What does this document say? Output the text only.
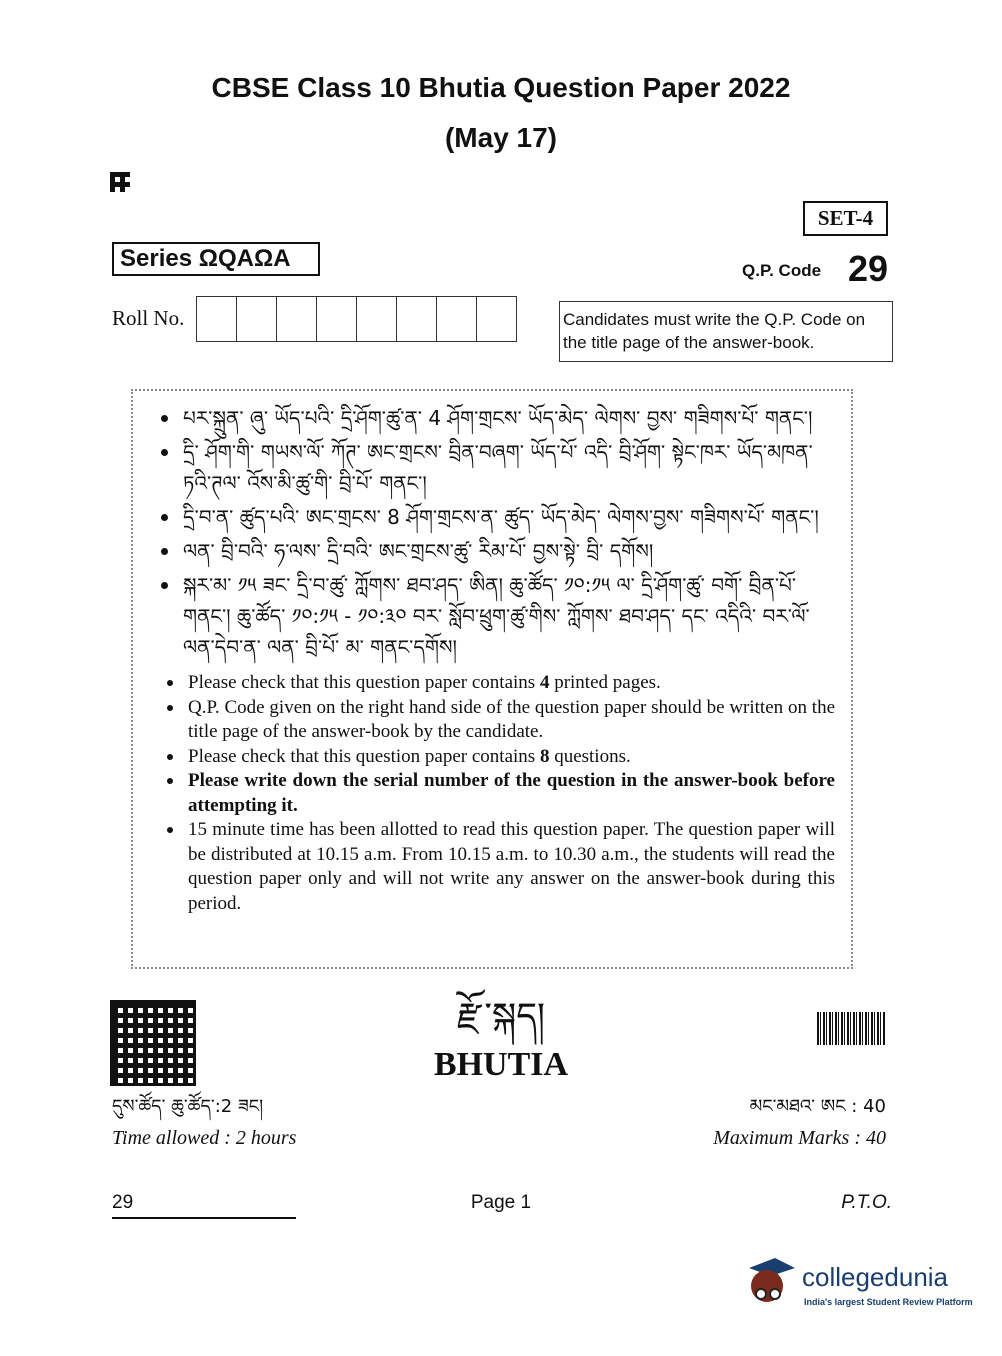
CBSE Class 10 Bhutia Question Paper 2022
(May 17)
SET-4
Series ΩQAΩA	Q.P. Code 29
Roll No.	Candidates must write the Q.P. Code on the title page of the answer-book.
པར་སྐྲུན་ ཞུ་ ཡོད་པའི་ དྲི་ཤོག་ཚུ་ན་ 4 ཤོག་གྲངས་ ཡོད་མེད་ ལེགས་ བྱས་ གཟིགས་པོ་ གནང་།
དྲི་ ཤོག་གི་ གཡས་ལོ་ ཀོཊ་ ཨང་གྲངས་ བྲིན་བཞག་ ཡོད་པོ་ འདི་ བྲི་ཤོག་ སྟེང་ཁར་ ཡོད་མཁན་ ཏའི་ཊལ་ འོས་མི་ཚུ་གི་ བྲི་པོ་ གནང་།
དྲི་བ་ན་ ཚུད་པའི་ ཨང་གྲངས་ 8 ཤོག་གྲངས་ན་ ཚུད་ ཡོད་མེད་ ལེགས་བྱས་ གཟིགས་པོ་ གནང་།
ལན་ བྲི་བའི་ ཧ་ལས་ དྲི་བའི་ ཨང་གྲངས་ཚུ་ རིམ་པོ་ བྱས་སྟེ་ བྲི་ དགོས།
སྐར་མ་ ༡༥ ཟང་ དྲི་བ་ཚུ་ ཀློགས་ ཐབ་ཤད་ ཨིན། ཆུ་ཚོད་ ༡༠:༡༥ ལ་ དྲི་ཤོག་ཚུ་ བགོ་ བྲིན་པོ་ གནང་། ཆུ་ཚོད་ ༡༠:༡༥ - ༡༠:༣༠ བར་ སློབ་ཕྲུག་ཚུ་གིས་ ཀློགས་ ཐབ་ཤད་ དང་ འདིའི་ བར་ལོ་ ལན་དེབ་ན་ ལན་ བྲི་པོ་ མ་ གནང་དགོས།
Please check that this question paper contains 4 printed pages.
Q.P. Code given on the right hand side of the question paper should be written on the title page of the answer-book by the candidate.
Please check that this question paper contains 8 questions.
Please write down the serial number of the question in the answer-book before attempting it.
15 minute time has been allotted to read this question paper. The question paper will be distributed at 10.15 a.m. From 10.15 a.m. to 10.30 a.m., the students will read the question paper only and will not write any answer on the answer-book during this period.
རྫོ་སྐད།
BHUTIA
དུས་ཚོད་ ཆུ་ཚོད་:2 ཟང།
Time allowed : 2 hours
མང་མཐའ་ ཨང : 40
Maximum Marks : 40
29	Page 1	P.T.O.
collegedunia
India's largest Student Review Platform
